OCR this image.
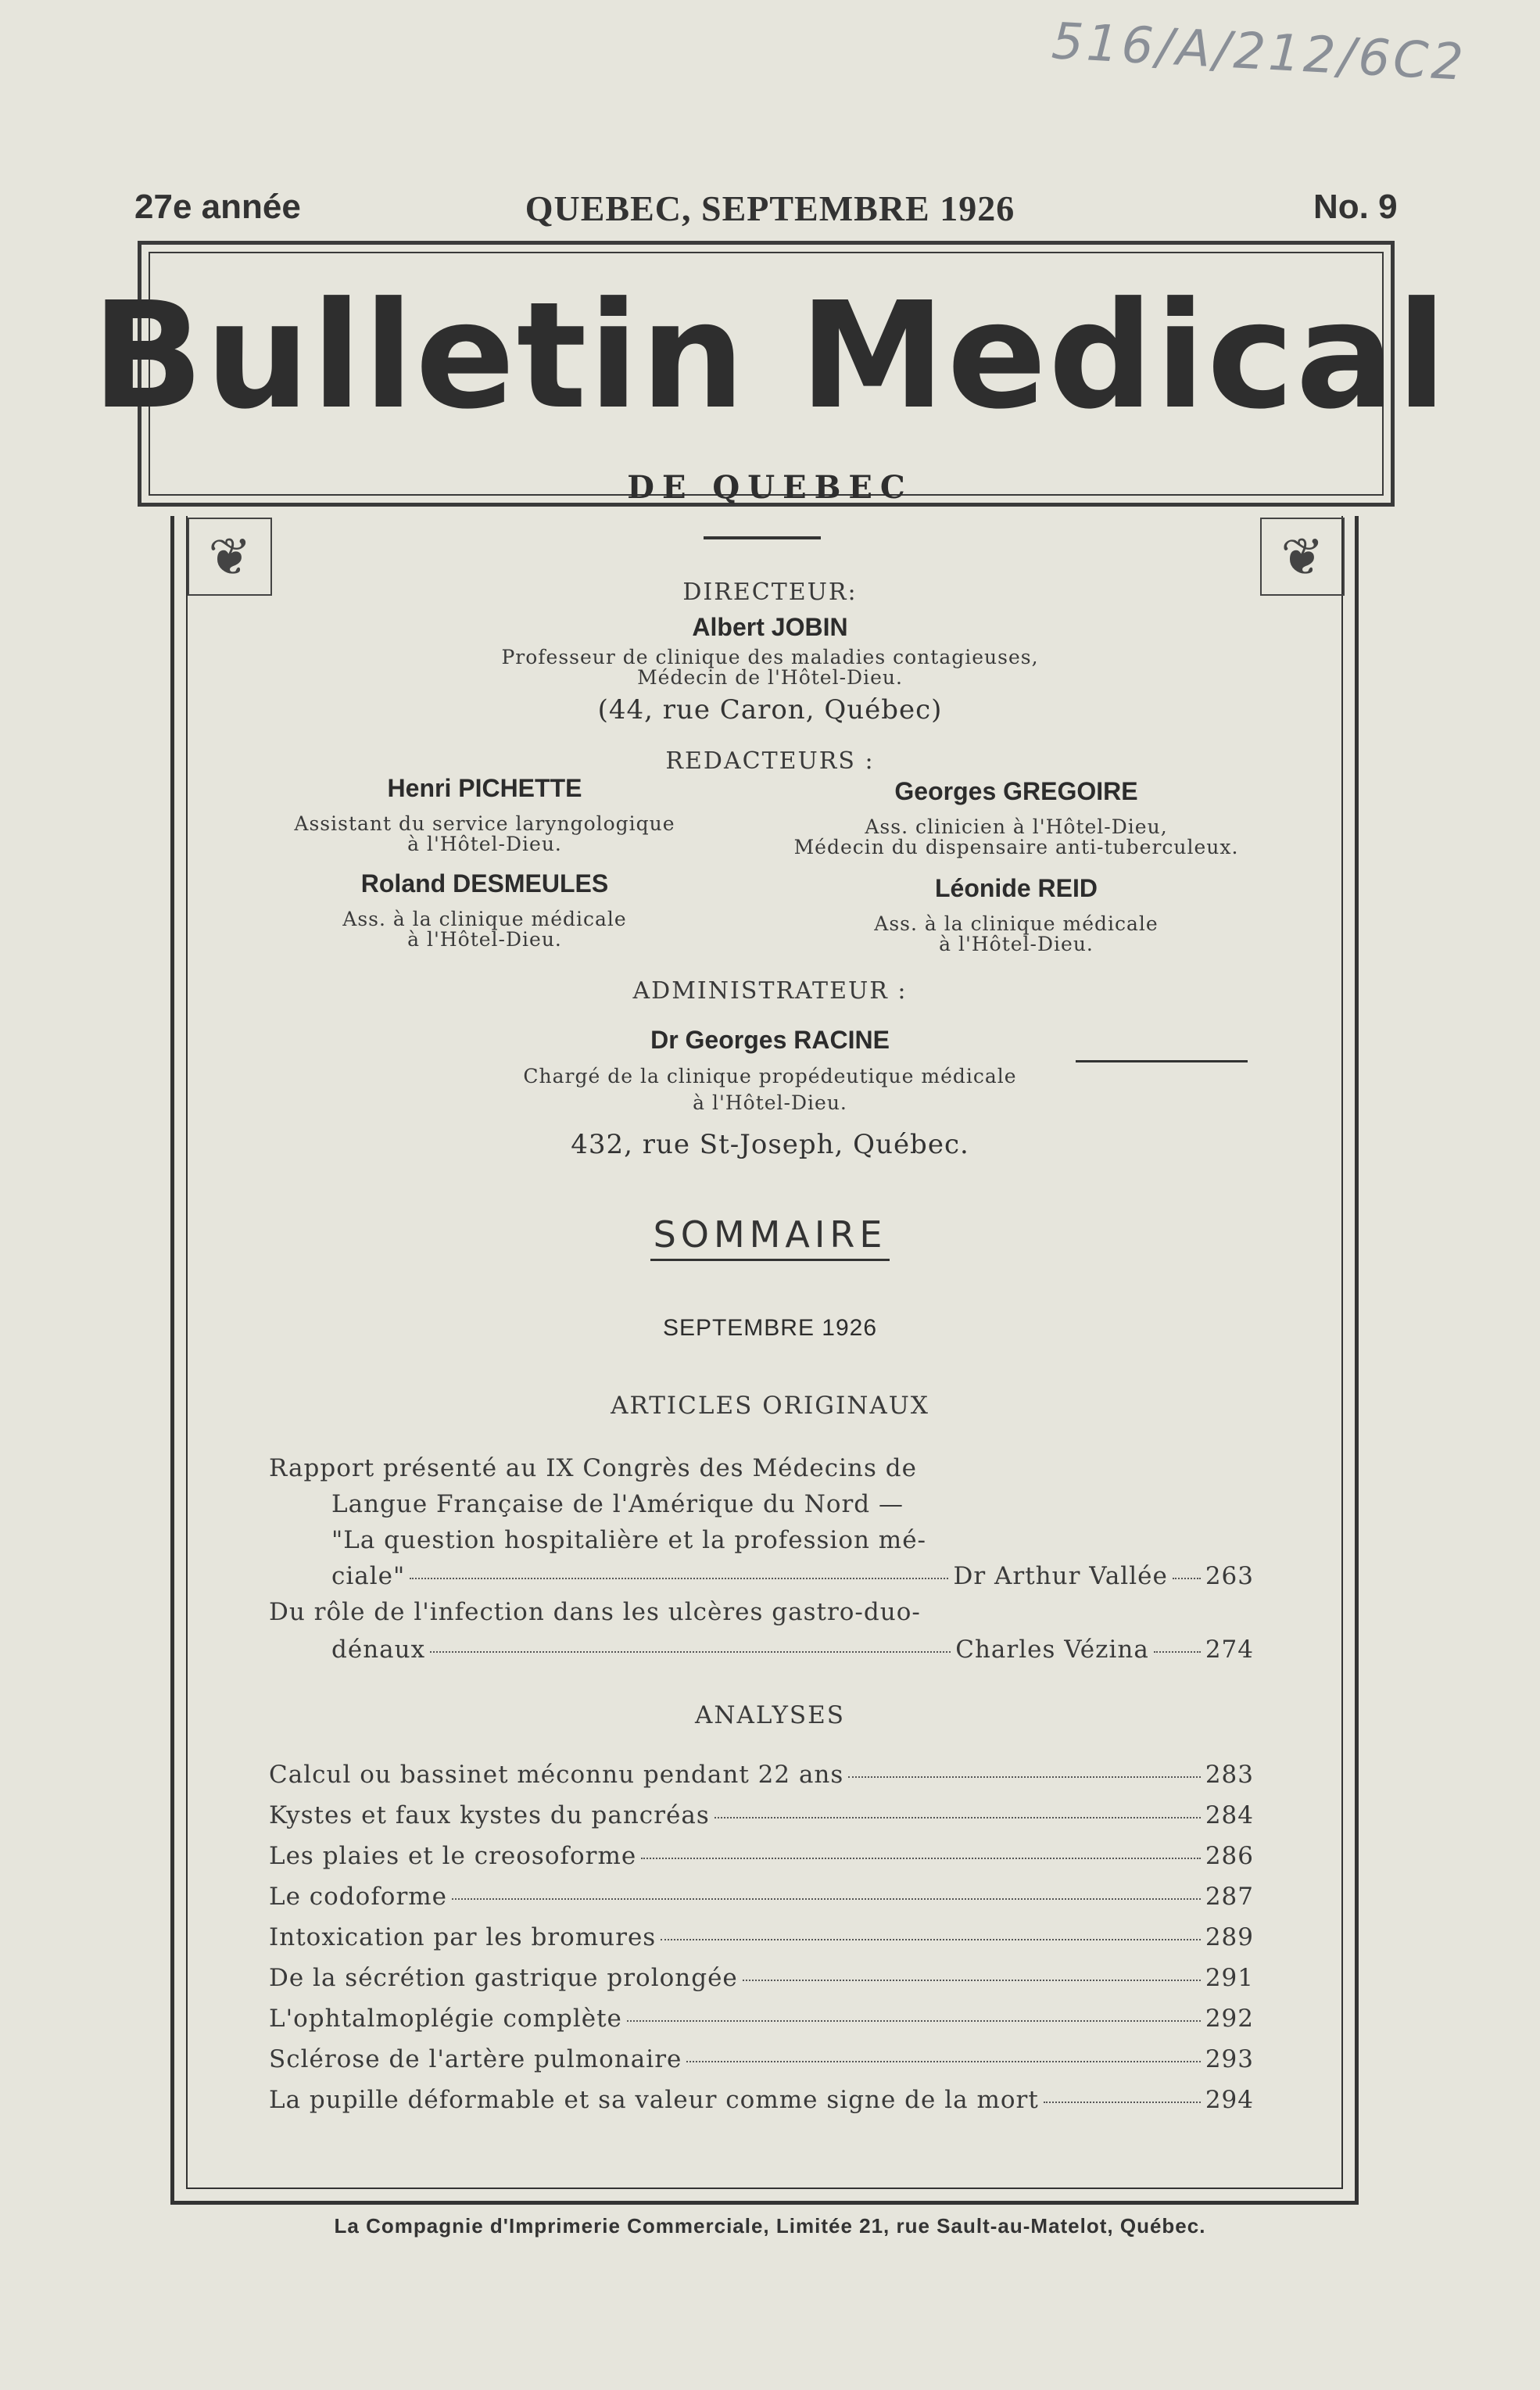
516/A/212/6C2
27e année	QUEBEC, SEPTEMBRE 1926	No. 9
Bulletin Medical
DE QUEBEC
❦	❦
DIRECTEUR:
Albert JOBIN
Professeur de clinique des maladies contagieuses,
Médecin de l'Hôtel-Dieu.
(44, rue Caron, Québec)
REDACTEURS :
Henri PICHETTE
Assistant du service laryngologique
à l'Hôtel-Dieu.
Georges GREGOIRE
Ass. clinicien à l'Hôtel-Dieu,
Médecin du dispensaire anti-tuberculeux.
Roland DESMEULES
Ass. à la clinique médicale
à l'Hôtel-Dieu.
Léonide REID
Ass. à la clinique médicale
à l'Hôtel-Dieu.
ADMINISTRATEUR :
Dr Georges RACINE
Chargé de la clinique propédeutique médicale
à l'Hôtel-Dieu.
432, rue St-Joseph, Québec.
SOMMAIRE
SEPTEMBRE 1926
ARTICLES ORIGINAUX
Rapport présenté au IX Congrès des Médecins de
Langue Française de l'Amérique du Nord —
"La question hospitalière et la profession mé-
ciale"	Dr Arthur Vallée 263
Du rôle de l'infection dans les ulcères gastro-duo-
dénaux	Charles Vézina 274
ANALYSES
Calcul ou bassinet méconnu pendant 22 ans	283
Kystes et faux kystes du pancréas	284
Les plaies et le creosoforme	286
Le codoforme	287
Intoxication par les bromures	289
De la sécrétion gastrique prolongée	291
L'ophtalmoplégie complète	292
Sclérose de l'artère pulmonaire	293
La pupille déformable et sa valeur comme signe de la mort	294
La Compagnie d'Imprimerie Commerciale, Limitée 21, rue Sault-au-Matelot, Québec.
